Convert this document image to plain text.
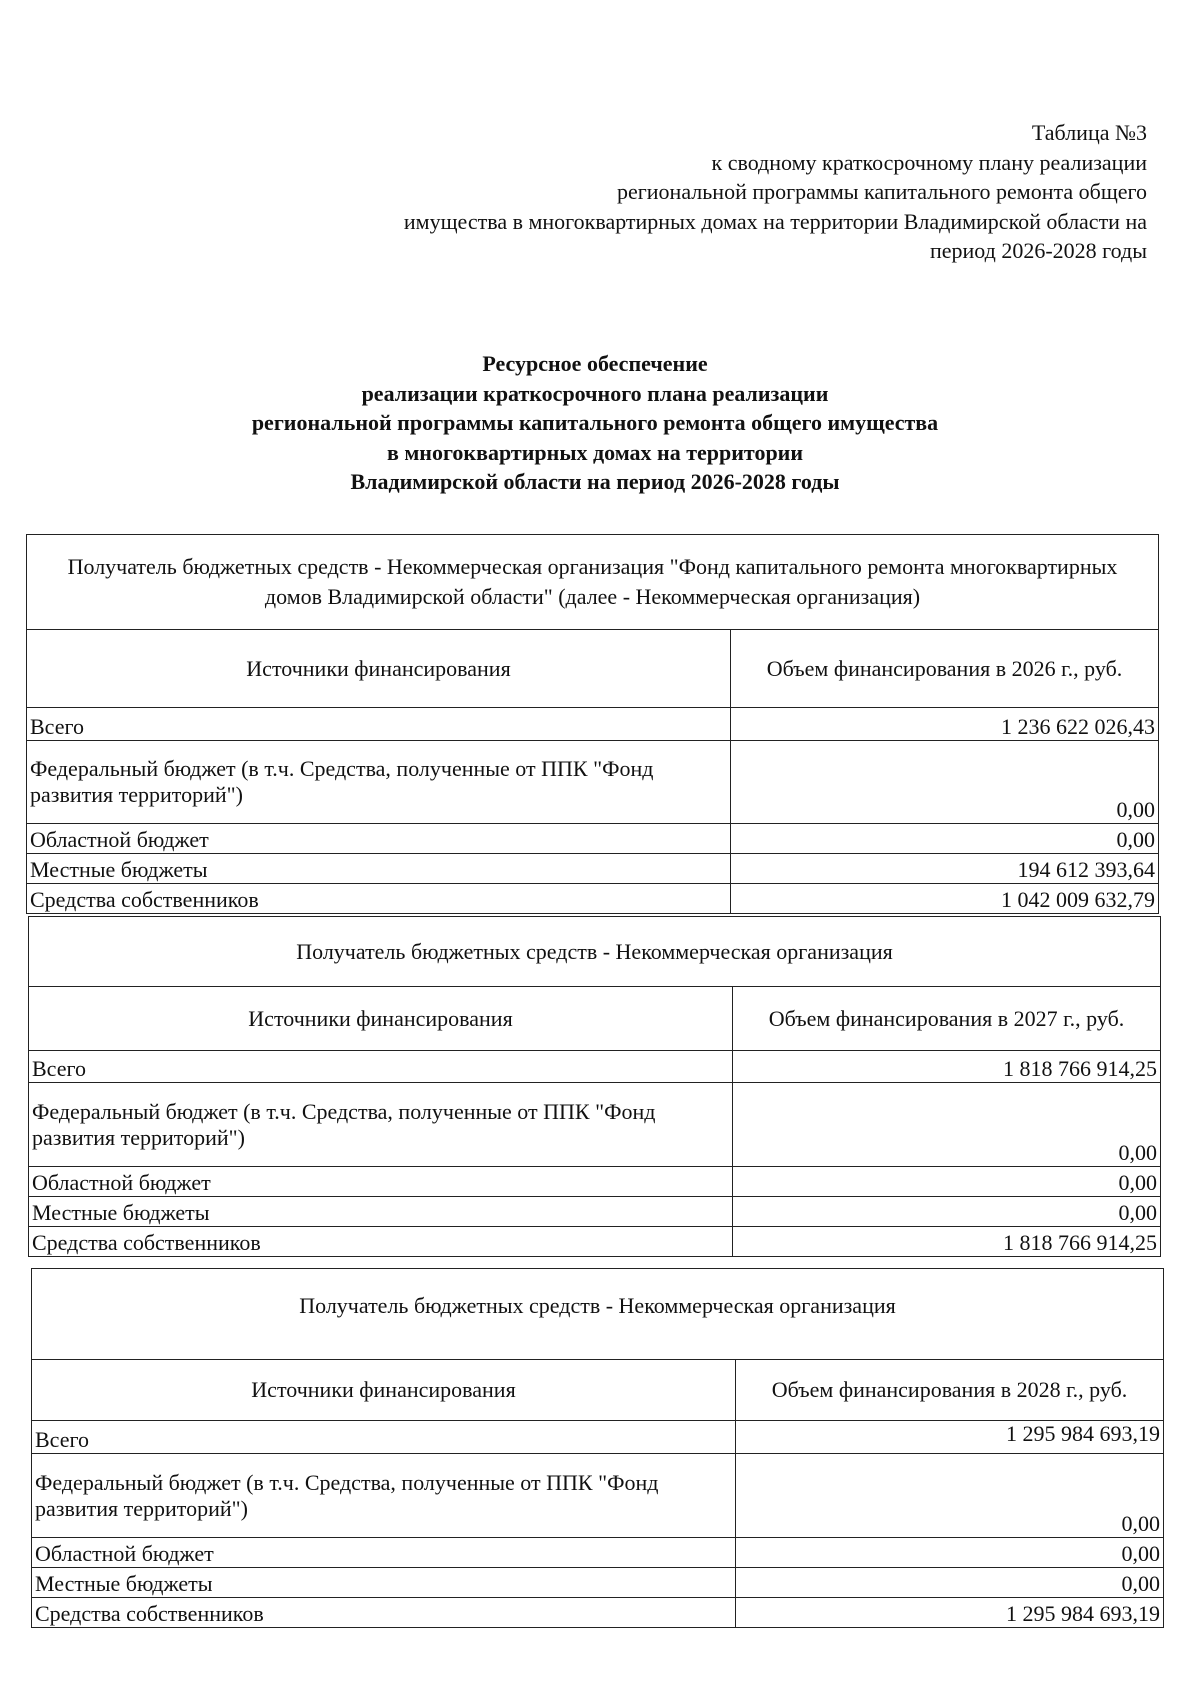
Таблица №3
к сводному краткосрочному плану реализации
региональной программы капитального ремонта общего
имущества в многоквартирных домах на территории Владимирской области на
период 2026-2028 годы
Ресурсное обеспечение
реализации краткосрочного плана реализации
региональной программы капитального ремонта общего имущества
в многоквартирных домах на территории
Владимирской области на период 2026-2028 годы
Получатель бюджетных средств - Некоммерческая организация "Фонд капитального ремонта многоквартирных домов Владимирской области" (далее - Некоммерческая организация)	
Источники финансирования	Объем финансирования в 2026 г., руб.
Всего	1 236 622 026,43
Федеральный бюджет (в т.ч. Средства, полученные от ППК "Фонд развития территорий")	0,00
Областной бюджет	0,00
Местные бюджеты	194 612 393,64
Средства собственников	1 042 009 632,79
Получатель бюджетных средств - Некоммерческая организация	
Источники финансирования	Объем финансирования в 2027 г., руб.
Всего	1 818 766 914,25
Федеральный бюджет (в т.ч. Средства, полученные от ППК "Фонд развития территорий")	0,00
Областной бюджет	0,00
Местные бюджеты	0,00
Средства собственников	1 818 766 914,25
Получатель бюджетных средств - Некоммерческая организация	
Источники финансирования	Объем финансирования в 2028 г., руб.
Всего	1 295 984 693,19
Федеральный бюджет (в т.ч. Средства, полученные от ППК "Фонд развития территорий")	0,00
Областной бюджет	0,00
Местные бюджеты	0,00
Средства собственников	1 295 984 693,19
